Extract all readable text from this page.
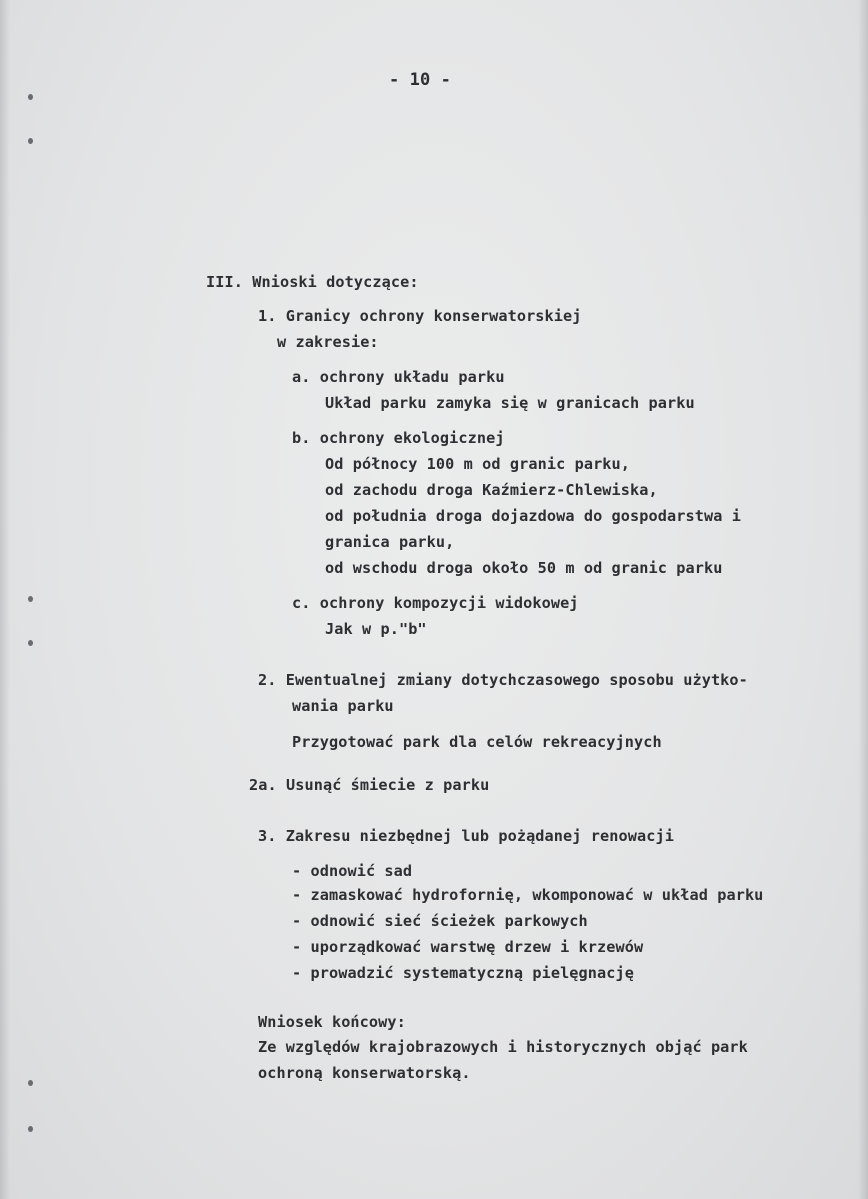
- 10 -
III. Wnioski dotyczące:
1. Granicy ochrony konserwatorskiej
w zakresie:
a. ochrony układu parku
Układ parku zamyka się w granicach parku
b. ochrony ekologicznej
Od północy 100 m od granic parku,
od zachodu droga Kaźmierz-Chlewiska,
od południa droga dojazdowa do gospodarstwa i
granica parku,
od wschodu droga około 50 m od granic parku
c. ochrony kompozycji widokowej
Jak w p."b"
2. Ewentualnej zmiany dotychczasowego sposobu użytko-
wania parku
Przygotować park dla celów rekreacyjnych
2a. Usunąć śmiecie z parku
3. Zakresu niezbędnej lub pożądanej renowacji
- odnowić sad
- zamaskować hydrofornię, wkomponować w układ parku
- odnowić sieć ścieżek parkowych
- uporządkować warstwę drzew i krzewów
- prowadzić systematyczną pielęgnację
Wniosek końcowy:
Ze względów krajobrazowych i historycznych objąć park
ochroną konserwatorską.
